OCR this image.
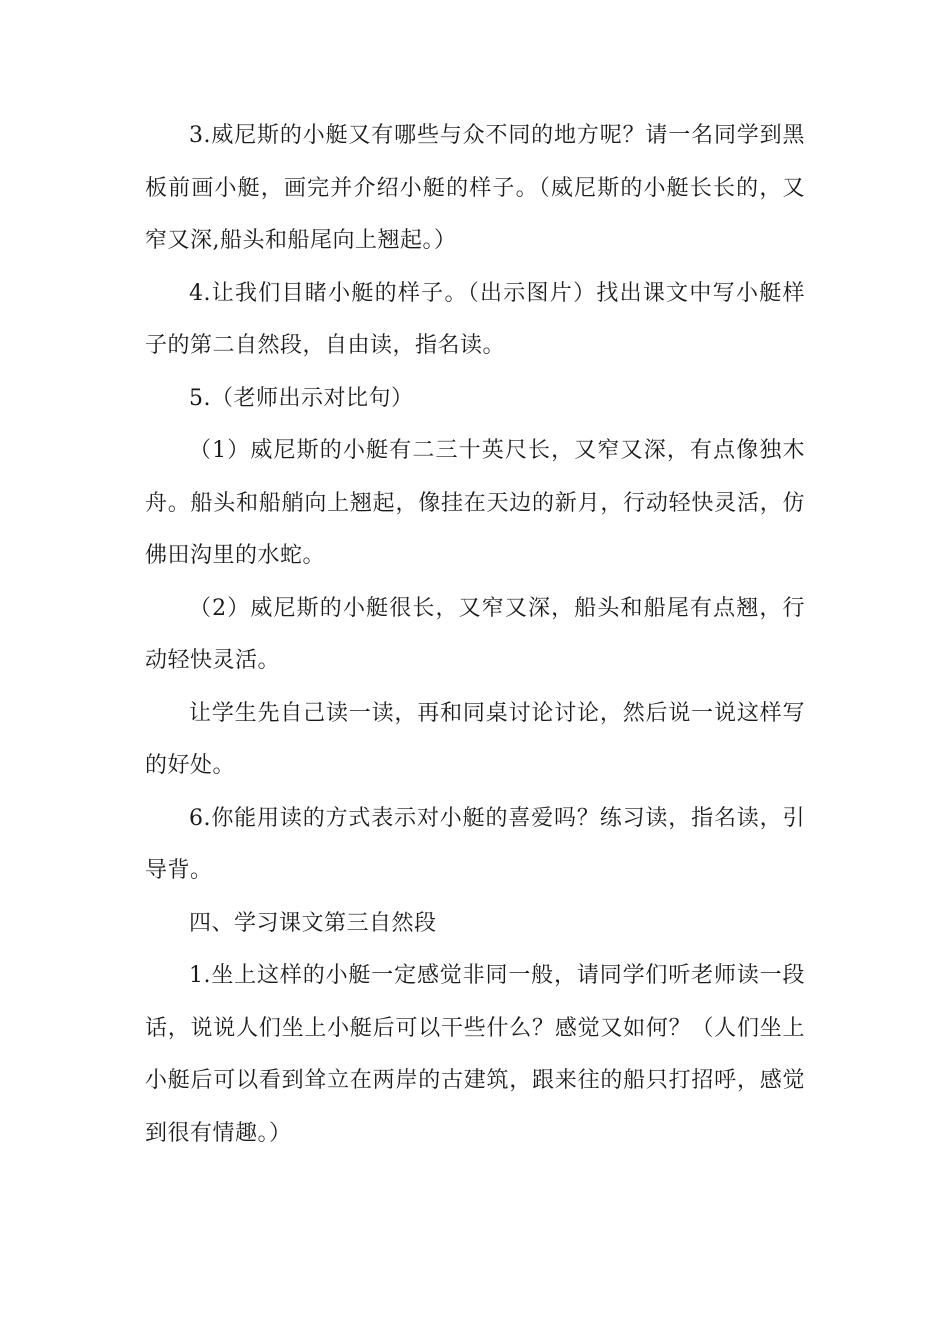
3.威尼斯的小艇又有哪些与众不同的地方呢？请一名同学到黑板前画小艇，画完并介绍小艇的样子。（威尼斯的小艇长长的，又窄又深,船头和船尾向上翘起。）

4.让我们目睹小艇的样子。（出示图片）找出课文中写小艇样子的第二自然段，自由读，指名读。

5.（老师出示对比句）

（1）威尼斯的小艇有二三十英尺长，又窄又深，有点像独木舟。船头和船艄向上翘起，像挂在天边的新月，行动轻快灵活，仿佛田沟里的水蛇。

（2）威尼斯的小艇很长，又窄又深，船头和船尾有点翘，行动轻快灵活。

让学生先自己读一读，再和同桌讨论讨论，然后说一说这样写的好处。

6.你能用读的方式表示对小艇的喜爱吗？练习读，指名读，引导背。

四、学习课文第三自然段

1.坐上这样的小艇一定感觉非同一般，请同学们听老师读一段话，说说人们坐上小艇后可以干些什么？感觉又如何？（人们坐上小艇后可以看到耸立在两岸的古建筑，跟来往的船只打招呼，感觉到很有情趣。）
